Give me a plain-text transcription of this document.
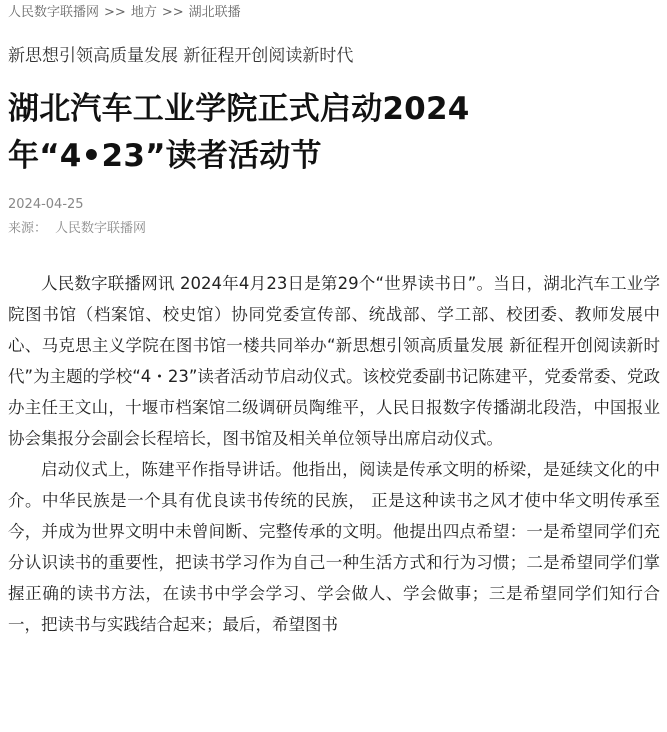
人民数字联播网 >> 地方 >> 湖北联播
新思想引领高质量发展 新征程开创阅读新时代
湖北汽车工业学院正式启动2024年“4•23”读者活动节
2024-04-25
来源： 人民数字联播网

人民数字联播网讯 2024年4月23日是第29个“世界读书日”。当日，湖北汽车工业学院图书馆（档案馆、校史馆）协同党委宣传部、统战部、学工部、校团委、教师发展中心、马克思主义学院在图书馆一楼共同举办“新思想引领高质量发展 新征程开创阅读新时代”为主题的学校“4・23”读者活动节启动仪式。该校党委副书记陈建平，党委常委、党政办主任王文山，十堰市档案馆二级调研员陶维平，人民日报数字传播湖北段浩，中国报业协会集报分会副会长程培长，图书馆及相关单位领导出席启动仪式。

启动仪式上，陈建平作指导讲话。他指出，阅读是传承文明的桥梁，是延续文化的中介。中华民族是一个具有优良读书传统的民族， 正是这种读书之风才使中华文明传承至今，并成为世界文明中未曾间断、完整传承的文明。他提出四点希望：一是希望同学们充分认识读书的重要性，把读书学习作为自己一种生活方式和行为习惯；二是希望同学们掌握正确的读书方法，在读书中学会学习、学会做人、学会做事；三是希望同学们知行合一，把读书与实践结合起来；最后，希望图书
